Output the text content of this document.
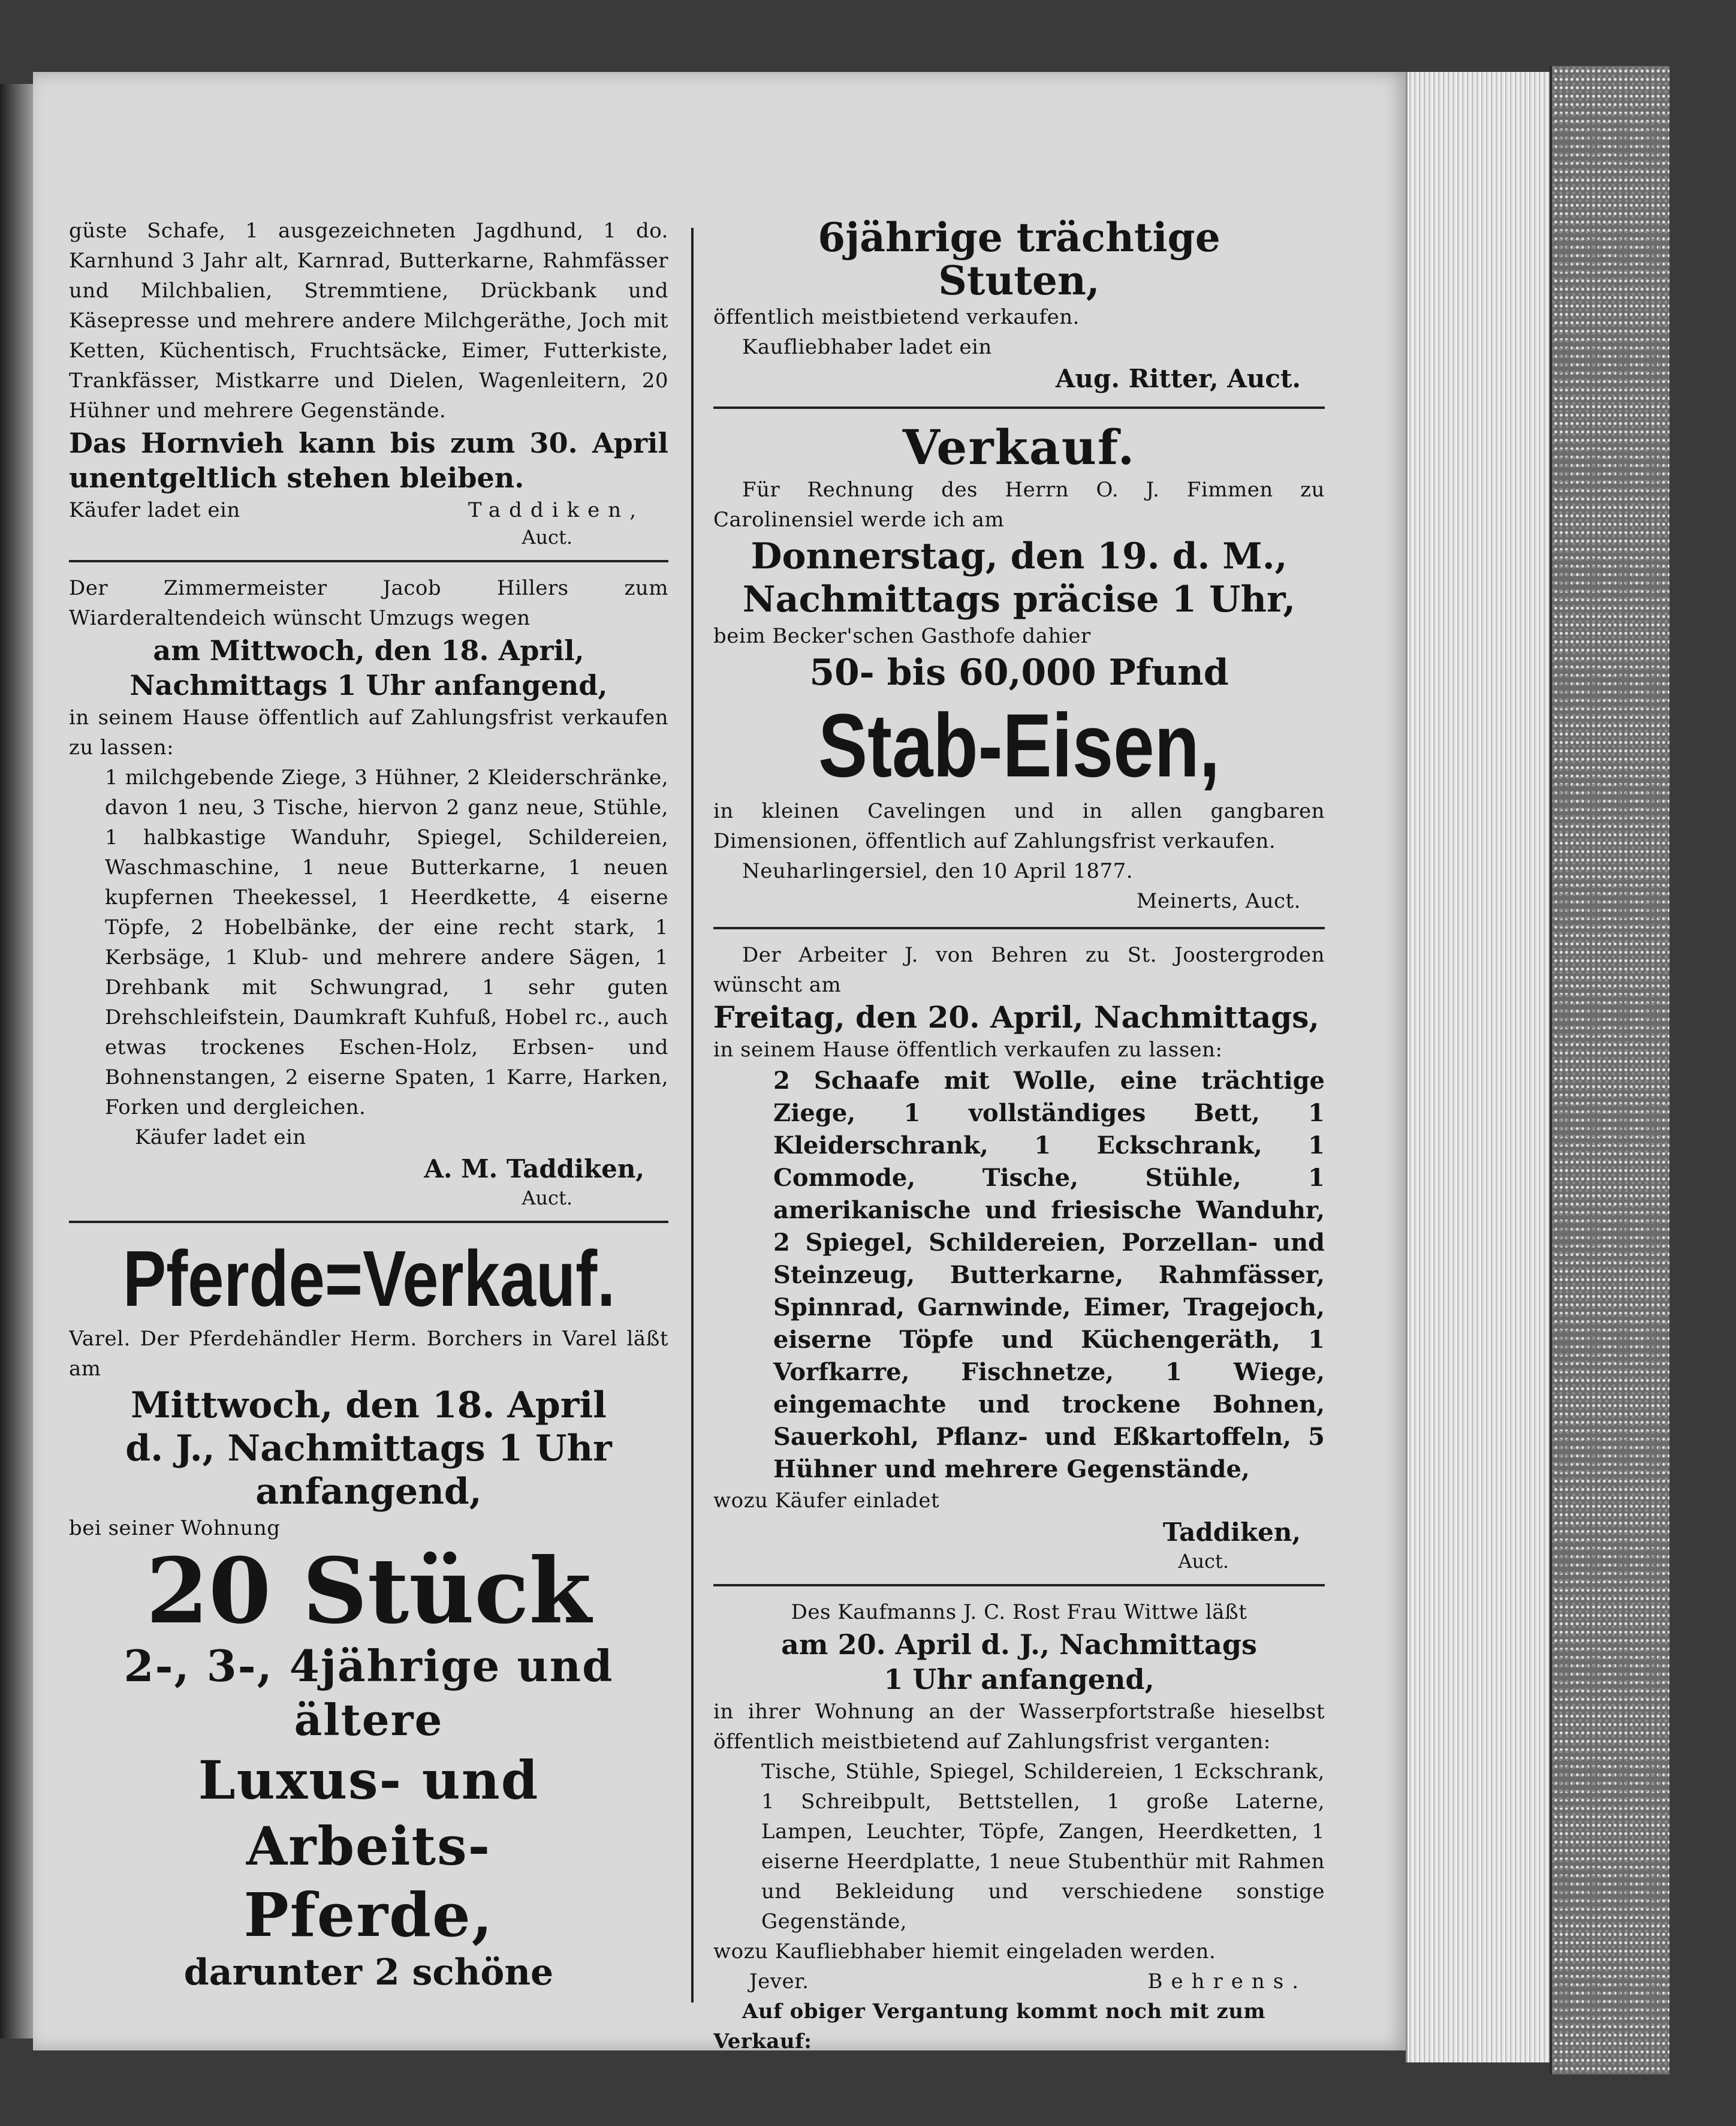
güste Schafe, 1 ausgezeichneten Jagdhund, 1 do. Karnhund 3 Jahr alt, Karnrad, Butterkarne, Rahmfässer und Milchbalien, Stremmtiene, Drückbank und Käsepresse und mehrere andere Milchgeräthe, Joch mit Ketten, Küchentisch, Fruchtsäcke, Eimer, Futterkiste, Trankfässer, Mistkarre und Dielen, Wagenleitern, 20 Hühner und mehrere Gegenstände.
Das Hornvieh kann bis zum 30. April unentgeltlich stehen bleiben.
Käufer ladet ein	Taddiken,
Auct.
Der Zimmermeister Jacob Hillers zum Wiarderaltendeich wünscht Umzugs wegen
am Mittwoch, den 18. April,
Nachmittags 1 Uhr anfangend,
in seinem Hause öffentlich auf Zahlungsfrist verkaufen zu lassen:
1 milchgebende Ziege, 3 Hühner, 2 Kleiderschränke, davon 1 neu, 3 Tische, hiervon 2 ganz neue, Stühle, 1 halbkastige Wanduhr, Spiegel, Schildereien, Waschmaschine, 1 neue Butterkarne, 1 neuen kupfernen Theekessel, 1 Heerdkette, 4 eiserne Töpfe, 2 Hobelbänke, der eine recht stark, 1 Kerbsäge, 1 Klub- und mehrere andere Sägen, 1 Drehbank mit Schwungrad, 1 sehr guten Drehschleifstein, Daumkraft Kuhfuß, Hobel rc., auch etwas trockenes Eschen-Holz, Erbsen- und Bohnenstangen, 2 eiserne Spaten, 1 Karre, Harken, Forken und dergleichen.
Käufer ladet ein
A. M. Taddiken,
Auct.
Pferde=Verkauf.
Varel. Der Pferdehändler Herm. Borchers in Varel läßt am
Mittwoch, den 18. April
d. J., Nachmittags 1 Uhr
anfangend,
bei seiner Wohnung
20 Stück
2-, 3-, 4jährige und
ältere
Luxus- und Arbeits-
Pferde,
darunter 2 schöne
6jährige trächtige
Stuten,
öffentlich meistbietend verkaufen.
Kaufliebhaber ladet ein
Aug. Ritter, Auct.
Verkauf.
Für Rechnung des Herrn O. J. Fimmen zu Carolinensiel werde ich am
Donnerstag, den 19. d. M.,
Nachmittags präcise 1 Uhr,
beim Becker'schen Gasthofe dahier
50- bis 60,000 Pfund
Stab-Eisen,
in kleinen Cavelingen und in allen gangbaren Dimensionen, öffentlich auf Zahlungsfrist verkaufen.
Neuharlingersiel, den 10 April 1877.
Meinerts, Auct.
Der Arbeiter J. von Behren zu St. Joostergroden wünscht am
Freitag, den 20. April, Nachmittags,
in seinem Hause öffentlich verkaufen zu lassen:
2 Schaafe mit Wolle, eine trächtige Ziege, 1 vollständiges Bett, 1 Kleiderschrank, 1 Eckschrank, 1 Commode, Tische, Stühle, 1 amerikanische und friesische Wanduhr, 2 Spiegel, Schildereien, Porzellan- und Steinzeug, Butterkarne, Rahmfässer, Spinnrad, Garnwinde, Eimer, Tragejoch, eiserne Töpfe und Küchengeräth, 1 Vorfkarre, Fischnetze, 1 Wiege, eingemachte und trockene Bohnen, Sauerkohl, Pflanz- und Eßkartoffeln, 5 Hühner und mehrere Gegenstände,
wozu Käufer einladet
Taddiken,
Auct.
Des Kaufmanns J. C. Rost Frau Wittwe läßt
am 20. April d. J., Nachmittags
1 Uhr anfangend,
in ihrer Wohnung an der Wasserpfortstraße hieselbst öffentlich meistbietend auf Zahlungsfrist verganten:
Tische, Stühle, Spiegel, Schildereien, 1 Eckschrank, 1 Schreibpult, Bettstellen, 1 große Laterne, Lampen, Leuchter, Töpfe, Zangen, Heerdketten, 1 eiserne Heerdplatte, 1 neue Stubenthür mit Rahmen und Bekleidung und verschiedene sonstige Gegenstände,
wozu Kaufliebhaber hiemit eingeladen werden.
Jever.	Behrens.
Auf obiger Vergantung kommt noch mit zum
Verkauf:
